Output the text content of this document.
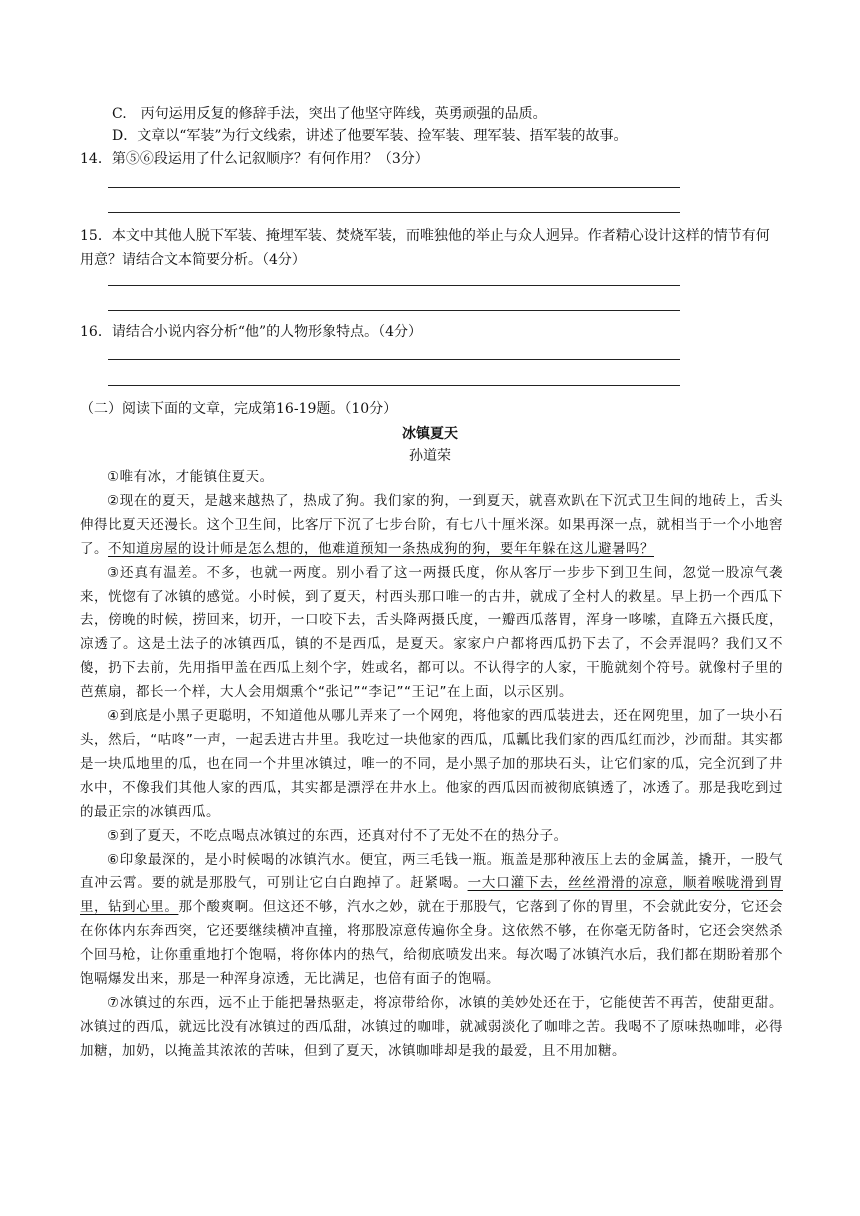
C.　丙句运用反复的修辞手法，突出了他坚守阵线，英勇顽强的品质。
D．文章以“军装”为行文线索，讲述了他要军装、捡军装、理军装、捂军装的故事。
14．第⑤⑥段运用了什么记叙顺序？有何作用？（3分）
15．本文中其他人脱下军装、掩埋军装、焚烧军装，而唯独他的举止与众人迥异。作者精心设计这样的情节有何用意？请结合文本简要分析。（4分）
16．请结合小说内容分析“他”的人物形象特点。（4分）
（二）阅读下面的文章，完成第16-19题。（10分）
冰镇夏天
孙道荣

①唯有冰，才能镇住夏天。

②现在的夏天，是越来越热了，热成了狗。我们家的狗，一到夏天，就喜欢趴在下沉式卫生间的地砖上，舌头伸得比夏天还漫长。这个卫生间，比客厅下沉了七步台阶，有七八十厘米深。如果再深一点，就相当于一个小地窖了。不知道房屋的设计师是怎么想的，他难道预知一条热成狗的狗，要年年躲在这儿避暑吗？

③还真有温差。不多，也就一两度。别小看了这一两摄氏度，你从客厅一步步下到卫生间，忽觉一股凉气袭来，恍惚有了冰镇的感觉。小时候，到了夏天，村西头那口唯一的古井，就成了全村人的救星。早上扔一个西瓜下去，傍晚的时候，捞回来，切开，一口咬下去，舌头降两摄氏度，一瓣西瓜落胃，浑身一哆嗦，直降五六摄氏度，凉透了。这是土法子的冰镇西瓜，镇的不是西瓜，是夏天。家家户户都将西瓜扔下去了，不会弄混吗？我们又不傻，扔下去前，先用指甲盖在西瓜上刻个字，姓或名，都可以。不认得字的人家，干脆就刻个符号。就像村子里的芭蕉扇，都长一个样，大人会用烟熏个“张记”“李记”“王记”在上面，以示区别。

④到底是小黑子更聪明，不知道他从哪儿弄来了一个网兜，将他家的西瓜装进去，还在网兜里，加了一块小石头，然后，“咕咚”一声，一起丢进古井里。我吃过一块他家的西瓜，瓜瓤比我们家的西瓜红而沙，沙而甜。其实都是一块瓜地里的瓜，也在同一个井里冰镇过，唯一的不同，是小黑子加的那块石头，让它们家的瓜，完全沉到了井水中，不像我们其他人家的西瓜，其实都是漂浮在井水上。他家的西瓜因而被彻底镇透了，冰透了。那是我吃到过的最正宗的冰镇西瓜。

⑤到了夏天，不吃点喝点冰镇过的东西，还真对付不了无处不在的热分子。

⑥印象最深的，是小时候喝的冰镇汽水。便宜，两三毛钱一瓶。瓶盖是那种液压上去的金属盖，撬开，一股气直冲云霄。要的就是那股气，可别让它白白跑掉了。赶紧喝。一大口灌下去，丝丝滑滑的凉意，顺着喉咙滑到胃里，钻到心里。那个酸爽啊。但这还不够，汽水之妙，就在于那股气，它落到了你的胃里，不会就此安分，它还会在你体内东奔西突，它还要继续横冲直撞，将那股凉意传遍你全身。这依然不够，在你毫无防备时，它还会突然杀个回马枪，让你重重地打个饱嗝，将你体内的热气，给彻底喷发出来。每次喝了冰镇汽水后，我们都在期盼着那个饱嗝爆发出来，那是一种浑身凉透，无比满足，也倍有面子的饱嗝。

⑦冰镇过的东西，远不止于能把暑热驱走，将凉带给你，冰镇的美妙处还在于，它能使苦不再苦，使甜更甜。冰镇过的西瓜，就远比没有冰镇过的西瓜甜，冰镇过的咖啡，就减弱淡化了咖啡之苦。我喝不了原味热咖啡，必得加糖，加奶，以掩盖其浓浓的苦味，但到了夏天，冰镇咖啡却是我的最爱，且不用加糖。
